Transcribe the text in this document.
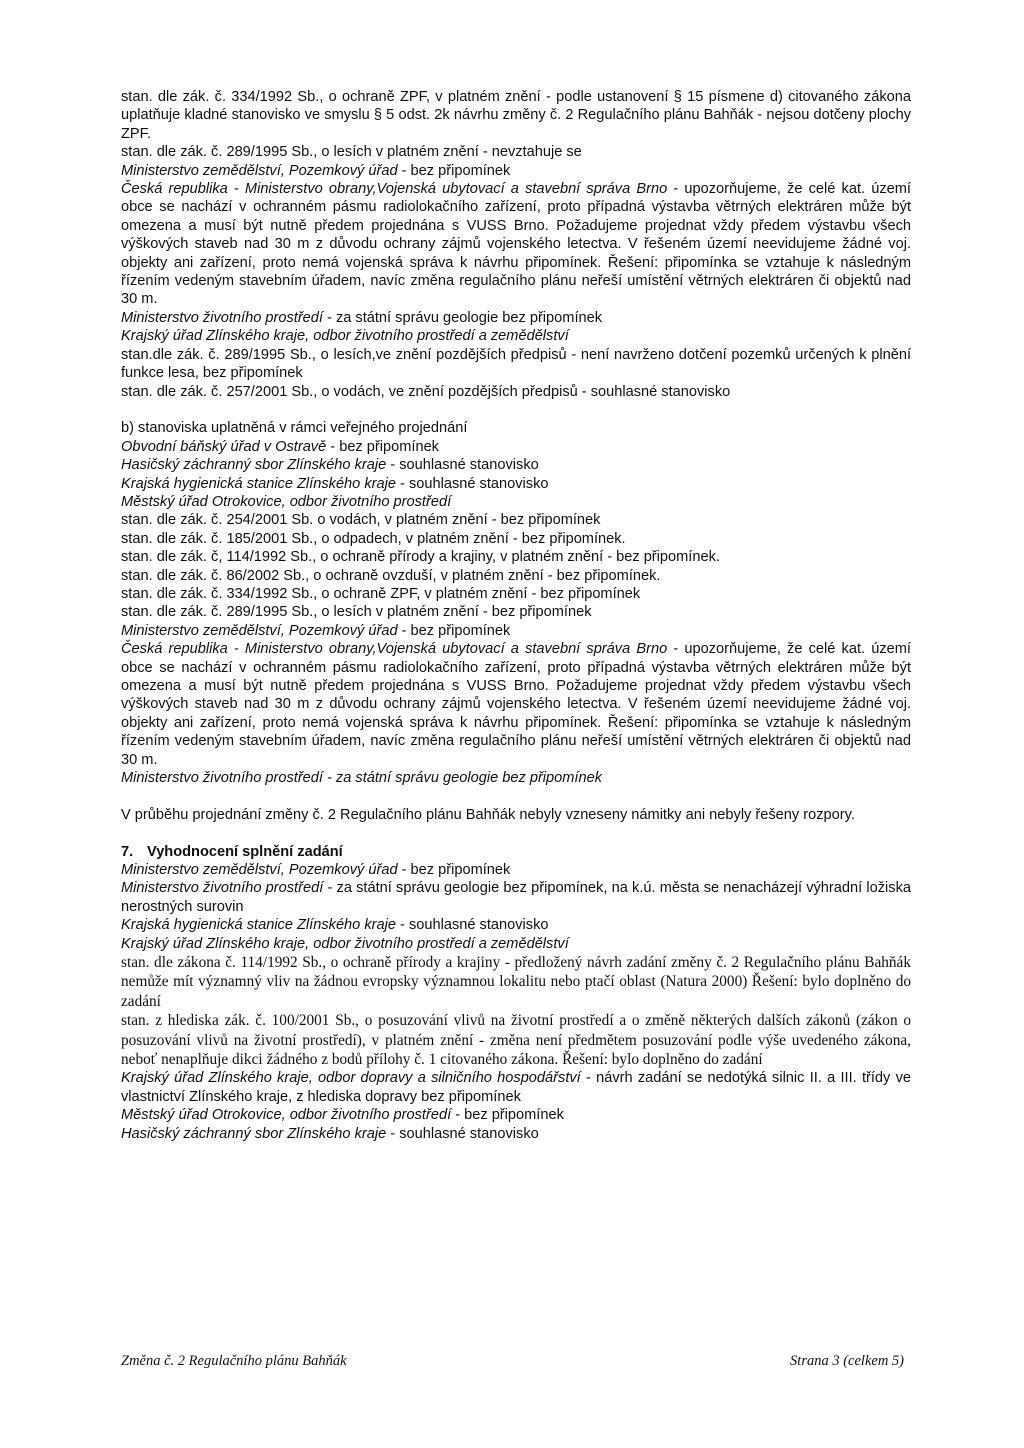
stan. dle zák. č. 334/1992 Sb., o ochraně ZPF, v platném znění - podle ustanovení § 15 písmene d) citovaného zákona uplatňuje kladné stanovisko ve smyslu § 5 odst. 2k návrhu změny č. 2 Regulačního plánu Bahňák - nejsou dotčeny plochy ZPF.

stan. dle zák. č. 289/1995 Sb., o lesích v platném znění - nevztahuje se

Ministerstvo zemědělství, Pozemkový úřad - bez připomínek

Česká republika - Ministerstvo obrany,Vojenská ubytovací a stavební správa Brno - upozorňujeme, že celé kat. území obce se nachází v ochranném pásmu radiolokačního zařízení, proto případná výstavba větrných elektráren může být omezena a musí být nutně předem projednána s VUSS Brno. Požadujeme projednat vždy předem výstavbu všech výškových staveb nad 30 m z důvodu ochrany zájmů vojenského letectva. V řešeném území neevidujeme žádné voj. objekty ani zařízení, proto nemá vojenská správa k návrhu připomínek. Řešení: připomínka se vztahuje k následným řízením vedeným stavebním úřadem, navíc změna regulačního plánu neřeší umístění větrných elektráren či objektů nad 30 m.

Ministerstvo životního prostředí - za státní správu geologie bez připomínek

Krajský úřad Zlínského kraje, odbor životního prostředí a zemědělství

stan.dle zák. č. 289/1995 Sb., o lesích,ve znění pozdějších předpisů - není navrženo dotčení pozemků určených k plnění funkce lesa, bez připomínek

stan. dle zák. č. 257/2001 Sb., o vodách, ve znění pozdějších předpisů - souhlasné stanovisko

b) stanoviska uplatněná v rámci veřejného projednání

Obvodní báňský úřad v Ostravě - bez připomínek

Hasičský záchranný sbor Zlínského kraje - souhlasné stanovisko

Krajská hygienická stanice Zlínského kraje - souhlasné stanovisko

Městský úřad Otrokovice, odbor životního prostředí

stan. dle zák. č. 254/2001 Sb. o vodách, v platném znění - bez připomínek

stan. dle zák. č. 185/2001 Sb., o odpadech, v platném znění - bez připomínek.

stan. dle zák. č, 114/1992 Sb., o ochraně přírody a krajiny, v platném znění - bez připomínek.

stan. dle zák. č. 86/2002 Sb., o ochraně ovzduší, v platném znění - bez připomínek.

stan. dle zák. č. 334/1992 Sb., o ochraně ZPF, v platném znění - bez připomínek

stan. dle zák. č. 289/1995 Sb., o lesích v platném znění - bez připomínek

Ministerstvo zemědělství, Pozemkový úřad - bez připomínek

Česká republika - Ministerstvo obrany,Vojenská ubytovací a stavební správa Brno - upozorňujeme, že celé kat. území obce se nachází v ochranném pásmu radiolokačního zařízení, proto případná výstavba větrných elektráren může být omezena a musí být nutně předem projednána s VUSS Brno. Požadujeme projednat vždy předem výstavbu všech výškových staveb nad 30 m z důvodu ochrany zájmů vojenského letectva. V řešeném území neevidujeme žádné voj. objekty ani zařízení, proto nemá vojenská správa k návrhu připomínek. Řešení: připomínka se vztahuje k následným řízením vedeným stavebním úřadem, navíc změna regulačního plánu neřeší umístění větrných elektráren či objektů nad 30 m.

Ministerstvo životního prostředí - za státní správu geologie bez připomínek

V průběhu projednání změny č. 2 Regulačního plánu Bahňák nebyly vzneseny námitky ani nebyly řešeny rozpory.

7. Vyhodnocení splnění zadání

Ministerstvo zemědělství, Pozemkový úřad - bez připomínek

Ministerstvo životního prostředí - za státní správu geologie bez připomínek, na k.ú. města se nenacházejí výhradní ložiska nerostných surovin

Krajská hygienická stanice Zlínského kraje - souhlasné stanovisko

Krajský úřad Zlínského kraje, odbor životního prostředí a zemědělství

stan. dle zákona č. 114/1992 Sb., o ochraně přírody a krajiny - předložený návrh zadání změny č. 2 Regulačního plánu Bahňák nemůže mít významný vliv na žádnou evropsky významnou lokalitu nebo ptačí oblast (Natura 2000) Řešení: bylo doplněno do zadání

stan. z hlediska zák. č. 100/2001 Sb., o posuzování vlivů na životní prostředí a o změně některých dalších zákonů (zákon o posuzování vlivů na životní prostředí), v platném znění - změna není předmětem posuzování podle výše uvedeného zákona, neboť nenaplňuje dikci žádného z bodů přílohy č. 1 citovaného zákona. Řešení: bylo doplněno do zadání

Krajský úřad Zlínského kraje, odbor dopravy a silničního hospodářství - návrh zadání se nedotýká silnic II. a III. třídy ve vlastnictví Zlínského kraje, z hlediska dopravy bez připomínek

Městský úřad Otrokovice, odbor životního prostředí - bez připomínek

Hasičský záchranný sbor Zlínského kraje - souhlasné stanovisko

Změna č. 2 Regulačního plánu Bahňák	Strana 3 (celkem 5)
